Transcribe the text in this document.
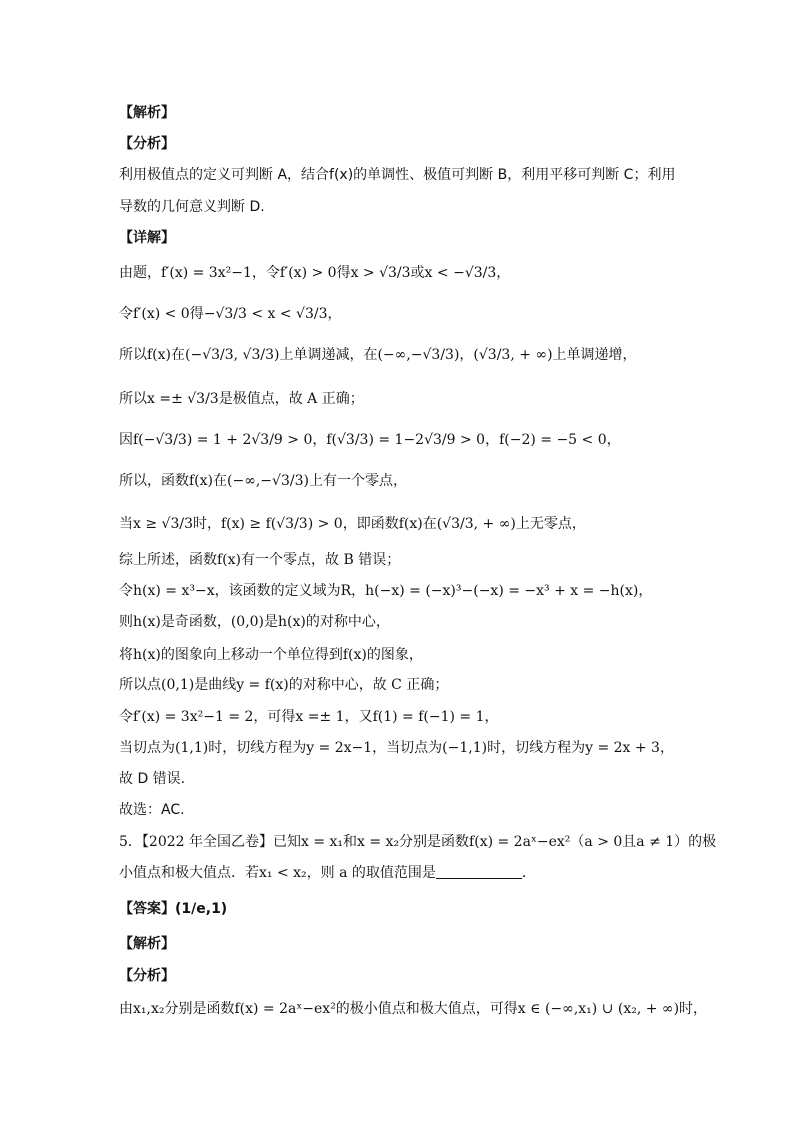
【解析】
【分析】
利用极值点的定义可判断 A，结合f(x)的单调性、极值可判断 B，利用平移可判断 C；利用
导数的几何意义判断 D.
【详解】
由题，f′(x) = 3x²−1，令f′(x) > 0得x > √3/3或x < −√3/3，
令f′(x) < 0得−√3/3 < x < √3/3，
所以f(x)在(−√3/3, √3/3)上单调递减，在(−∞,−√3/3)，(√3/3, + ∞)上单调递增，
所以x =± √3/3是极值点，故 A 正确；
因f(−√3/3) = 1 + 2√3/9 > 0，f(√3/3) = 1−2√3/9 > 0，f(−2) = −5 < 0，
所以，函数f(x)在(−∞,−√3/3)上有一个零点，
当x ≥ √3/3时，f(x) ≥ f(√3/3) > 0，即函数f(x)在(√3/3, + ∞)上无零点，
综上所述，函数f(x)有一个零点，故 B 错误；
令h(x) = x³−x，该函数的定义域为R，h(−x) = (−x)³−(−x) = −x³ + x = −h(x)，
则h(x)是奇函数，(0,0)是h(x)的对称中心，
将h(x)的图象向上移动一个单位得到f(x)的图象，
所以点(0,1)是曲线y = f(x)的对称中心，故 C 正确；
令f′(x) = 3x²−1 = 2，可得x =± 1，又f(1) = f(−1) = 1，
当切点为(1,1)时，切线方程为y = 2x−1，当切点为(−1,1)时，切线方程为y = 2x + 3，
故 D 错误.
故选：AC.
5．【2022 年全国乙卷】已知x = x₁和x = x₂分别是函数f(x) = 2aˣ−ex²（a > 0且a ≠ 1）的极
小值点和极大值点．若x₁ < x₂，则 a 的取值范围是	．
【答案】(1/e,1)
【解析】
【分析】
由x₁,x₂分别是函数f(x) = 2aˣ−ex²的极小值点和极大值点，可得x ∈ (−∞,x₁) ∪ (x₂, + ∞)时，
